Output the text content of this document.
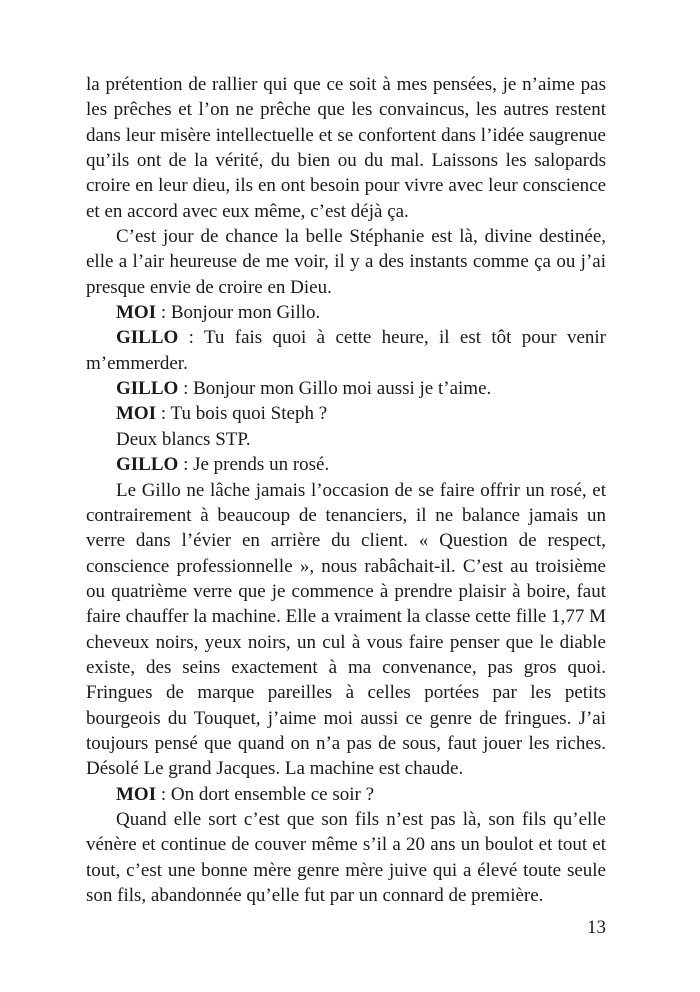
la prétention de rallier qui que ce soit à mes pensées, je n’aime pas les prêches et l’on ne prêche que les convaincus, les autres restent dans leur misère intellectuelle et se confortent dans l’idée saugrenue qu’ils ont de la vérité, du bien ou du mal. Laissons les salopards croire en leur dieu, ils en ont besoin pour vivre avec leur conscience et en accord avec eux même, c’est déjà ça.

C’est jour de chance la belle Stéphanie est là, divine destinée, elle a l’air heureuse de me voir, il y a des instants comme ça ou j’ai presque envie de croire en Dieu.

MOI : Bonjour mon Gillo.

GILLO : Tu fais quoi à cette heure, il est tôt pour venir m’emmerder.

GILLO : Bonjour mon Gillo moi aussi je t’aime.

MOI : Tu bois quoi Steph ?

Deux blancs STP.

GILLO : Je prends un rosé.

Le Gillo ne lâche jamais l’occasion de se faire offrir un rosé, et contrairement à beaucoup de tenanciers, il ne balance jamais un verre dans l’évier en arrière du client. « Question de respect, conscience professionnelle », nous rabâchait-il. C’est au troisième ou quatrième verre que je commence à prendre plaisir à boire, faut faire chauffer la machine. Elle a vraiment la classe cette fille 1,77 M cheveux noirs, yeux noirs, un cul à vous faire penser que le diable existe, des seins exactement à ma convenance, pas gros quoi. Fringues de marque pareilles à celles portées par les petits bourgeois du Touquet, j’aime moi aussi ce genre de fringues. J’ai toujours pensé que quand on n’a pas de sous, faut jouer les riches. Désolé Le grand Jacques. La machine est chaude.

MOI : On dort ensemble ce soir ?

Quand elle sort c’est que son fils n’est pas là, son fils qu’elle vénère et continue de couver même s’il a 20 ans un boulot et tout et tout, c’est une bonne mère genre mère juive qui a élevé toute seule son fils, abandonnée qu’elle fut par un connard de première.

13
